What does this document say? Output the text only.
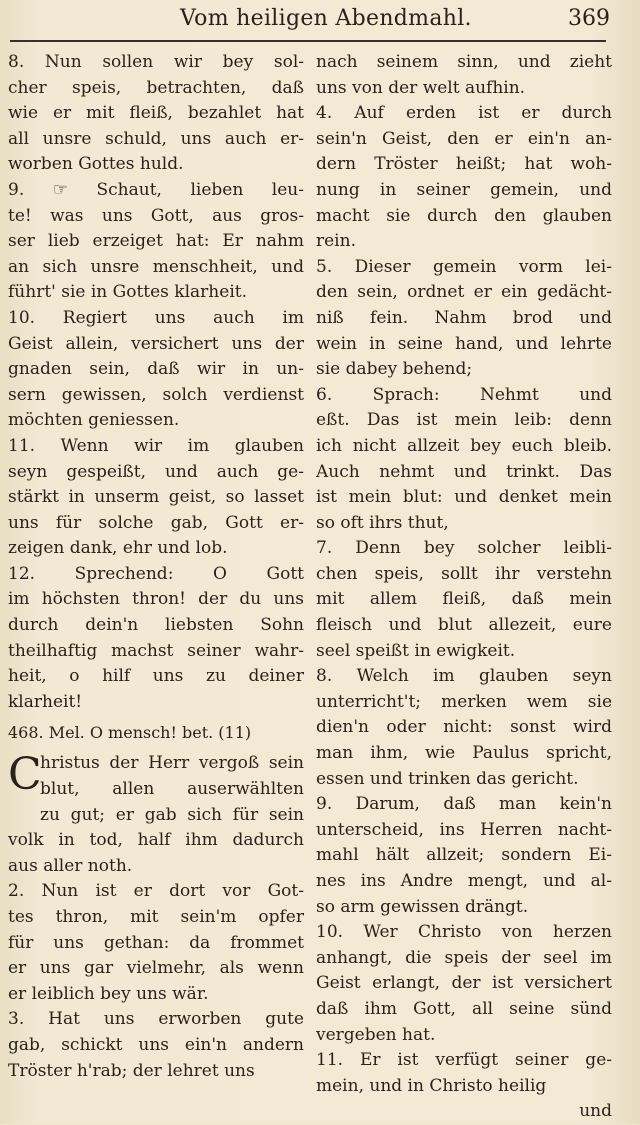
Vom heiligen Abendmahl.	369
8. Nun sollen wir bey sol-
cher speis, betrachten, daß
wie er mit fleiß, bezahlet hat
all unsre schuld, uns auch er-
worben Gottes huld.
9. ☞ Schaut, lieben leu-
te! was uns Gott, aus gros-
ser lieb erzeiget hat: Er nahm
an sich unsre menschheit, und
führt' sie in Gottes klarheit.
10. Regiert uns auch im
Geist allein, versichert uns der
gnaden sein, daß wir in un-
sern gewissen, solch verdienst
möchten geniessen.
11. Wenn wir im glauben
seyn gespeißt, und auch ge-
stärkt in unserm geist, so lasset
uns für solche gab, Gott er-
zeigen dank, ehr und lob.
12. Sprechend: O Gott
im höchsten thron! der du uns
durch dein'n liebsten Sohn
theilhaftig machst seiner wahr-
heit, o hilf uns zu deiner
klarheit!
468. Mel. O mensch! bet. (11)
C
hristus der Herr vergoß sein
blut, allen auserwählten
zu gut; er gab sich für sein
volk in tod, half ihm dadurch
aus aller noth.
2. Nun ist er dort vor Got-
tes thron, mit sein'm opfer
für uns gethan: da frommet
er uns gar vielmehr, als wenn
er leiblich bey uns wär.
3. Hat uns erworben gute
gab, schickt uns ein'n andern
Tröster h'rab; der lehret uns
nach seinem sinn, und zieht
uns von der welt aufhin.
4. Auf erden ist er durch
sein'n Geist, den er ein'n an-
dern Tröster heißt; hat woh-
nung in seiner gemein, und
macht sie durch den glauben
rein.
5. Dieser gemein vorm lei-
den sein, ordnet er ein gedächt-
niß fein. Nahm brod und
wein in seine hand, und lehrte
sie dabey behend;
6. Sprach: Nehmt und
eßt. Das ist mein leib: denn
ich nicht allzeit bey euch bleib.
Auch nehmt und trinkt. Das
ist mein blut: und denket mein
so oft ihrs thut,
7. Denn bey solcher leibli-
chen speis, sollt ihr verstehn
mit allem fleiß, daß mein
fleisch und blut allezeit, eure
seel speißt in ewigkeit.
8. Welch im glauben seyn
unterricht't; merken wem sie
dien'n oder nicht: sonst wird
man ihm, wie Paulus spricht,
essen und trinken das gericht.
9. Darum, daß man kein'n
unterscheid, ins Herren nacht-
mahl hält allzeit; sondern Ei-
nes ins Andre mengt, und al-
so arm gewissen drängt.
10. Wer Christo von herzen
anhangt, die speis der seel im
Geist erlangt, der ist versichert
daß ihm Gott, all seine sünd
vergeben hat.
11. Er ist verfügt seiner ge-
mein, und in Christo heilig
und
